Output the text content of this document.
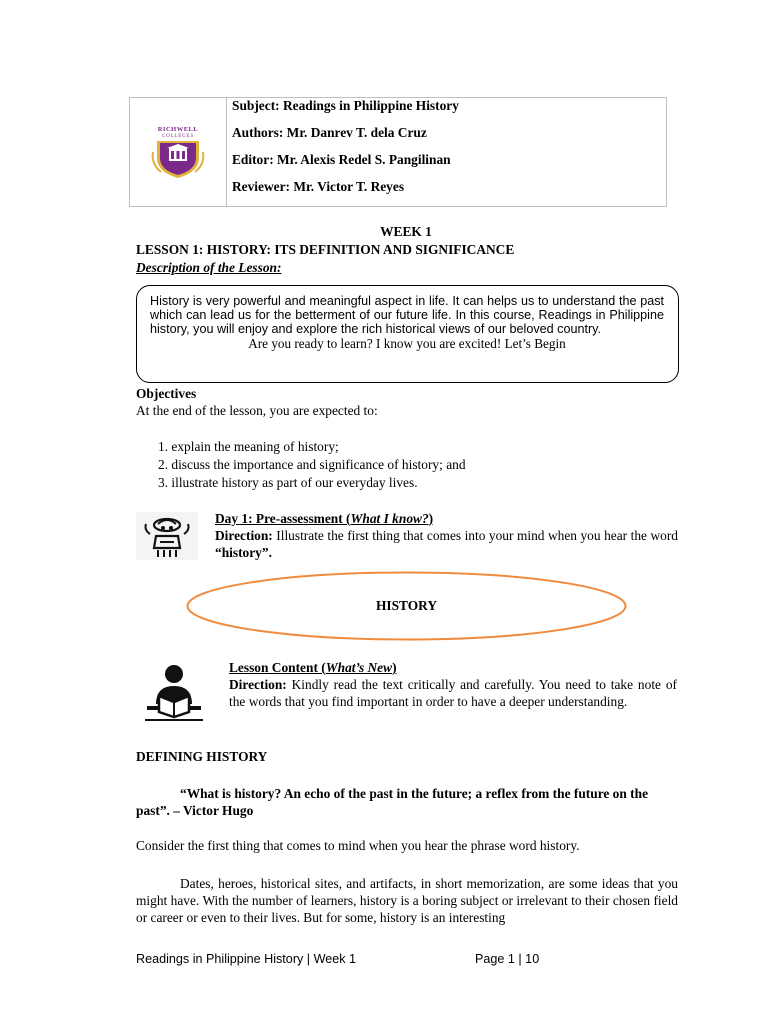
RICHWELL
COLLEGES
Subject: Readings in Philippine History
Authors: Mr. Danrev T. dela Cruz
Editor: Mr. Alexis Redel S. Pangilinan
Reviewer: Mr. Victor T. Reyes
WEEK 1
LESSON 1: HISTORY: ITS DEFINITION AND SIGNIFICANCE
Description of the Lesson:
History is very powerful and meaningful aspect in life. It can helps us to understand the past which can lead us for the betterment of our future life. In this course, Readings in Philippine history, you will enjoy and explore the rich historical views of our beloved country.
Are you ready to learn? I know you are excited! Let’s Begin
Objectives
At the end of the lesson, you are expected to:
1. explain the meaning of history;
2. discuss the importance and significance of history; and
3. illustrate history as part of our everyday lives.
Day 1: Pre-assessment (What I know?)
Direction: Illustrate the first thing that comes into your mind when you hear the word “history”.
HISTORY
Lesson Content (What’s New)
Direction: Kindly read the text critically and carefully. You need to take note of the words that you find important in order to have a deeper understanding.
DEFINING HISTORY
“What is history? An echo of the past in the future; a reflex from the future on the past”. – Victor Hugo
Consider the first thing that comes to mind when you hear the phrase word history.
Dates, heroes, historical sites, and artifacts, in short memorization, are some ideas that you might have. With the number of learners, history is a boring subject or irrelevant to their chosen field or career or even to their lives. But for some, history is an interesting
Readings in Philippine History | Week 1	Page 1 | 10
